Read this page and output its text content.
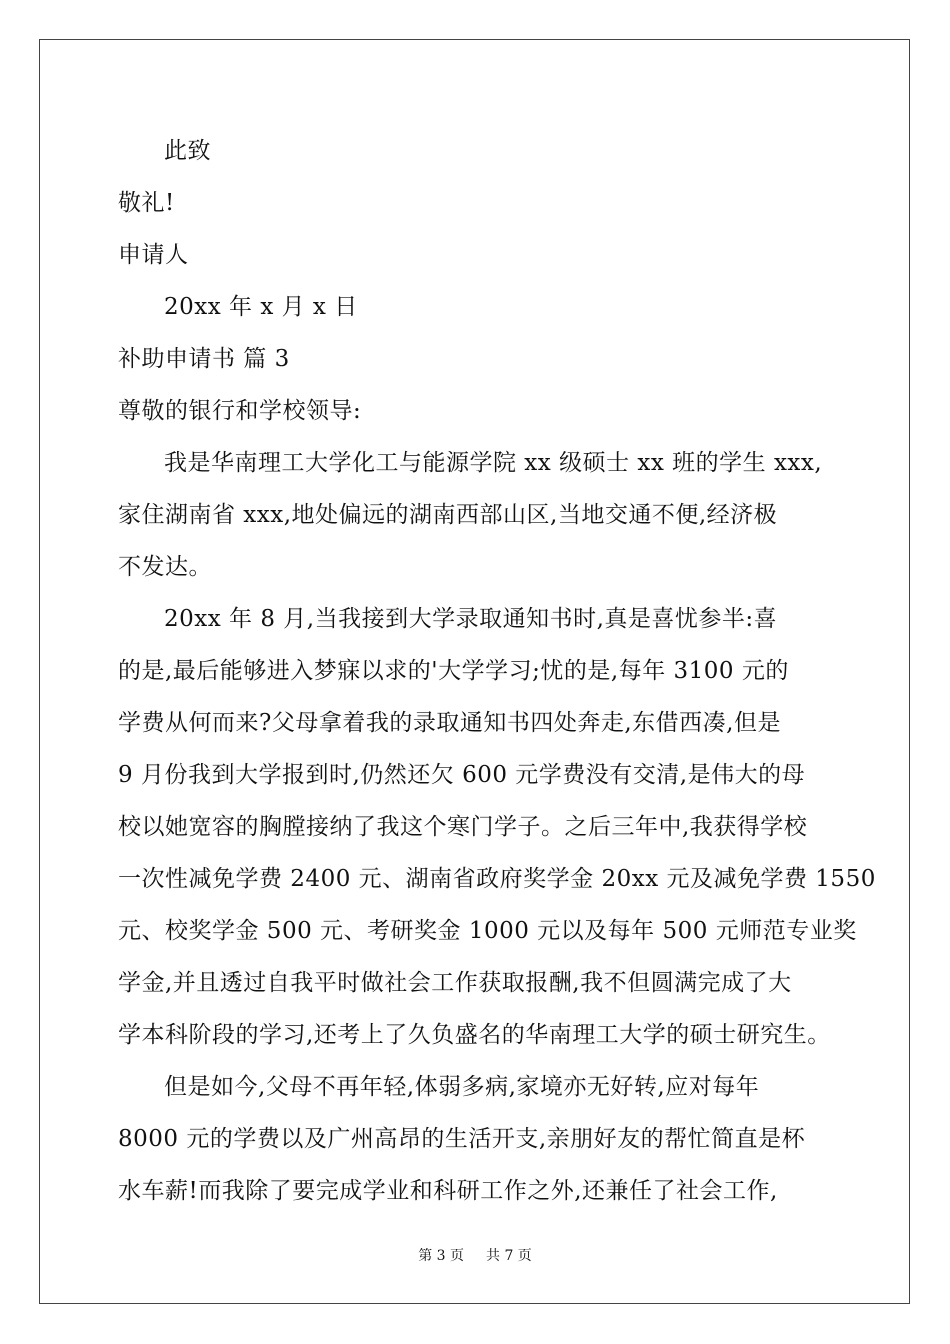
此致
敬礼!
申请人
20xx 年 x 月 x 日
补助申请书 篇 3
尊敬的银行和学校领导:
我是华南理工大学化工与能源学院 xx 级硕士 xx 班的学生 xxx,
家住湖南省 xxx,地处偏远的湖南西部山区,当地交通不便,经济极
不发达。
20xx 年 8 月,当我接到大学录取通知书时,真是喜忧参半:喜
的是,最后能够进入梦寐以求的'大学学习;忧的是,每年 3100 元的
学费从何而来?父母拿着我的录取通知书四处奔走,东借西凑,但是
9 月份我到大学报到时,仍然还欠 600 元学费没有交清,是伟大的母
校以她宽容的胸膛接纳了我这个寒门学子。之后三年中,我获得学校
一次性减免学费 2400 元、湖南省政府奖学金 20xx 元及减免学费 1550
元、校奖学金 500 元、考研奖金 1000 元以及每年 500 元师范专业奖
学金,并且透过自我平时做社会工作获取报酬,我不但圆满完成了大
学本科阶段的学习,还考上了久负盛名的华南理工大学的硕士研究生。
但是如今,父母不再年轻,体弱多病,家境亦无好转,应对每年
8000 元的学费以及广州高昂的生活开支,亲朋好友的帮忙简直是杯
水车薪!而我除了要完成学业和科研工作之外,还兼任了社会工作,
第 3 页 共 7 页
